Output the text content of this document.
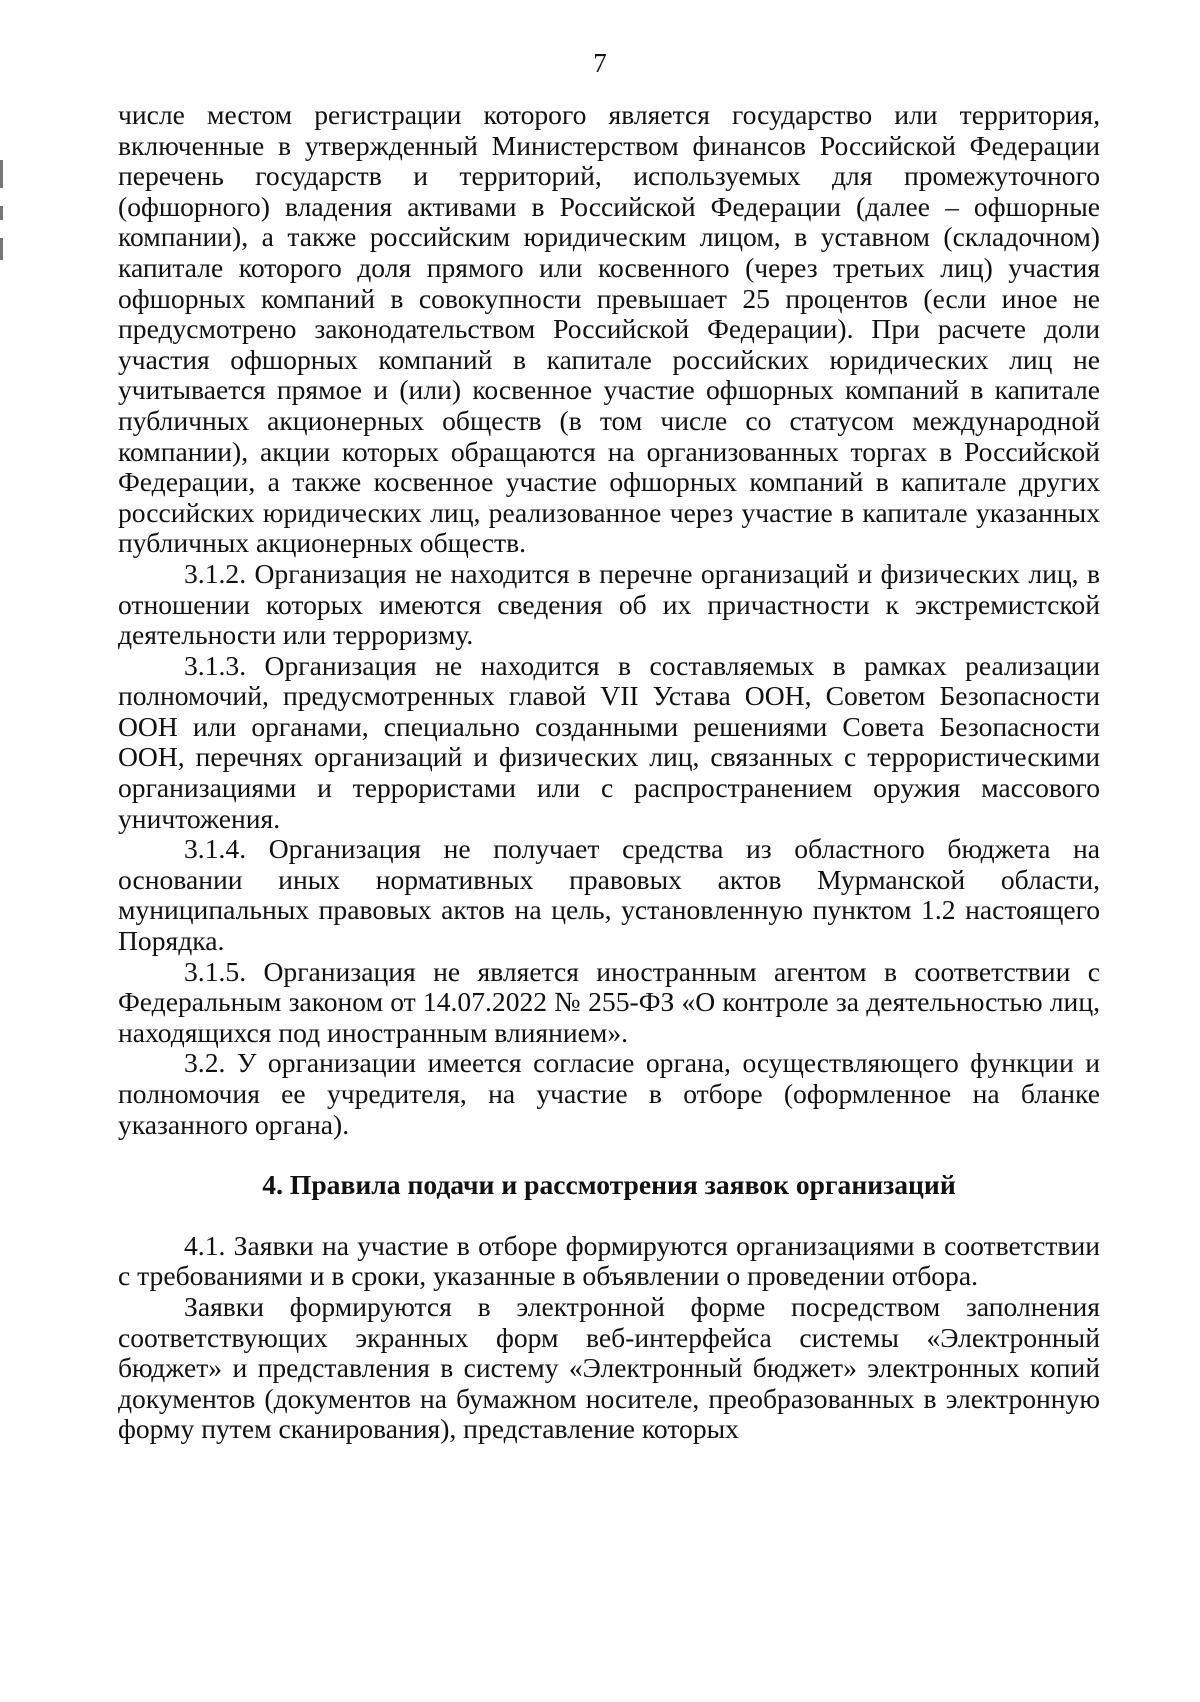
7

числе местом регистрации которого является государство или территория, включенные в утвержденный Министерством финансов Российской Федерации перечень государств и территорий, используемых для промежуточного (офшорного) владения активами в Российской Федерации (далее – офшорные компании), а также российским юридическим лицом, в уставном (складочном) капитале которого доля прямого или косвенного (через третьих лиц) участия офшорных компаний в совокупности превышает 25 процентов (если иное не предусмотрено законодательством Российской Федерации). При расчете доли участия офшорных компаний в капитале российских юридических лиц не учитывается прямое и (или) косвенное участие офшорных компаний в капитале публичных акционерных обществ (в том числе со статусом международной компании), акции которых обращаются на организованных торгах в Российской Федерации, а также косвенное участие офшорных компаний в капитале других российских юридических лиц, реализованное через участие в капитале указанных публичных акционерных обществ.

3.1.2. Организация не находится в перечне организаций и физических лиц, в отношении которых имеются сведения об их причастности к экстремистской деятельности или терроризму.

3.1.3. Организация не находится в составляемых в рамках реализации полномочий, предусмотренных главой VII Устава ООН, Советом Безопасности ООН или органами, специально созданными решениями Совета Безопасности ООН, перечнях организаций и физических лиц, связанных с террористическими организациями и террористами или с распространением оружия массового уничтожения.

3.1.4. Организация не получает средства из областного бюджета на основании иных нормативных правовых актов Мурманской области, муниципальных правовых актов на цель, установленную пунктом 1.2 настоящего Порядка.

3.1.5. Организация не является иностранным агентом в соответствии с Федеральным законом от 14.07.2022 № 255-ФЗ «О контроле за деятельностью лиц, находящихся под иностранным влиянием».

3.2. У организации имеется согласие органа, осуществляющего функции и полномочия ее учредителя, на участие в отборе (оформленное на бланке указанного органа).

4. Правила подачи и рассмотрения заявок организаций

4.1. Заявки на участие в отборе формируются организациями в соответствии с требованиями и в сроки, указанные в объявлении о проведении отбора.

Заявки формируются в электронной форме посредством заполнения соответствующих экранных форм веб-интерфейса системы «Электронный бюджет» и представления в систему «Электронный бюджет» электронных копий документов (документов на бумажном носителе, преобразованных в электронную форму путем сканирования), представление которых
